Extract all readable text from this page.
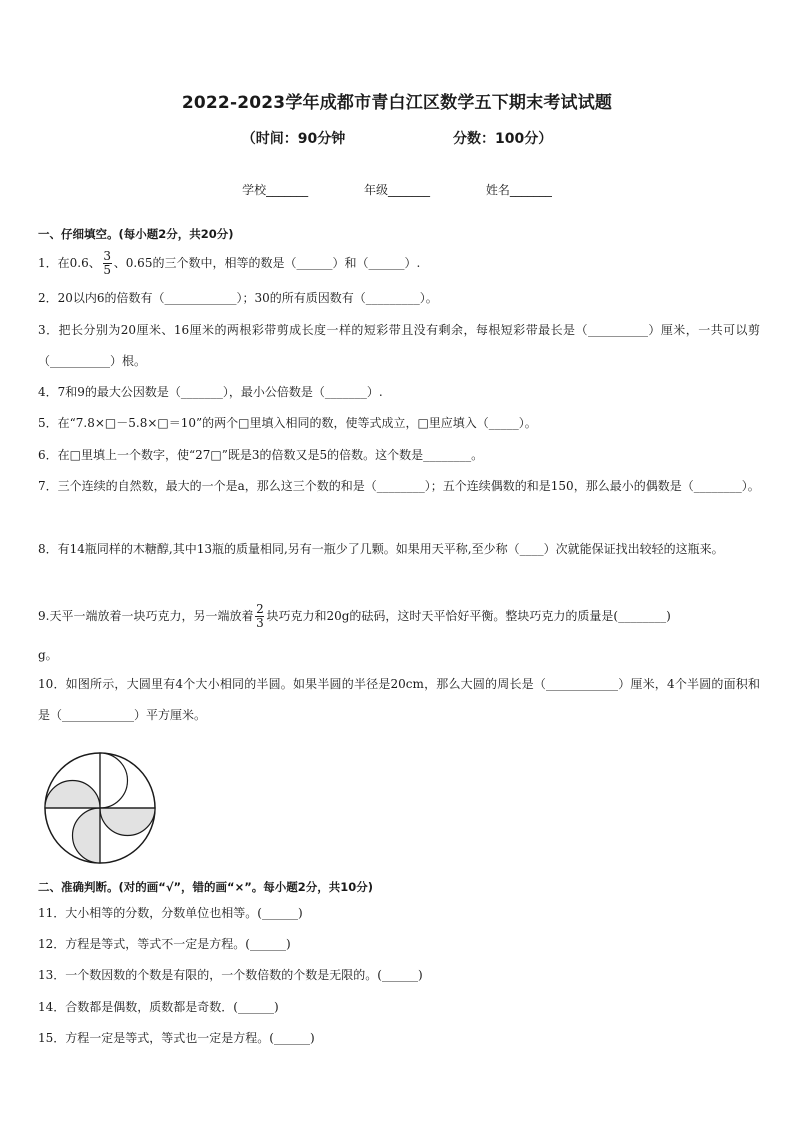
2022-2023学年成都市青白江区数学五下期末考试试题
（时间：90分钟	分数：100分）
学校_______	年级_______	姓名_______
一、仔细填空。(每小题2分，共20分)
1．在0.6、 $\frac{3}{5}$ 、0.65的三个数中，相等的数是（______）和（______）.
2．20以内6的倍数有（____________）；30的所有质因数有（_________）。
3．把长分别为20厘米、16厘米的两根彩带剪成长度一样的短彩带且没有剩余，每根短彩带最长是（__________）厘米，一共可以剪（__________）根。
4．7和9的最大公因数是（_______），最小公倍数是（_______）.
5．在“7.8×□－5.8×□＝10”的两个□里填入相同的数，使等式成立，□里应填入（_____）。
6．在□里填上一个数字，使“27□”既是3的倍数又是5的倍数。这个数是________。
7．三个连续的自然数，最大的一个是a，那么这三个数的和是（________）；五个连续偶数的和是150，那么最小的偶数是（________）。
8．有14瓶同样的木糖醇,其中13瓶的质量相同,另有一瓶少了几颗。如果用天平称,至少称（____）次就能保证找出较轻的这瓶来。
9.天平一端放着一块巧克力，另一端放着 $\frac{2}{3}$ 块巧克力和20g的砝码，这时天平恰好平衡。整块巧克力的质量是(________)
g。
10．如图所示，大圆里有4个大小相同的半圆。如果半圆的半径是20cm，那么大圆的周长是（____________）厘米，4个半圆的面积和是（____________）平方厘米。
二、准确判断。(对的画“√”，错的画“×”。每小题2分，共10分)
11．大小相等的分数，分数单位也相等。(______)
12．方程是等式，等式不一定是方程。(______)
13．一个数因数的个数是有限的，一个数倍数的个数是无限的。(______)
14．合数都是偶数，质数都是奇数．(______)
15．方程一定是等式，等式也一定是方程。(______)
